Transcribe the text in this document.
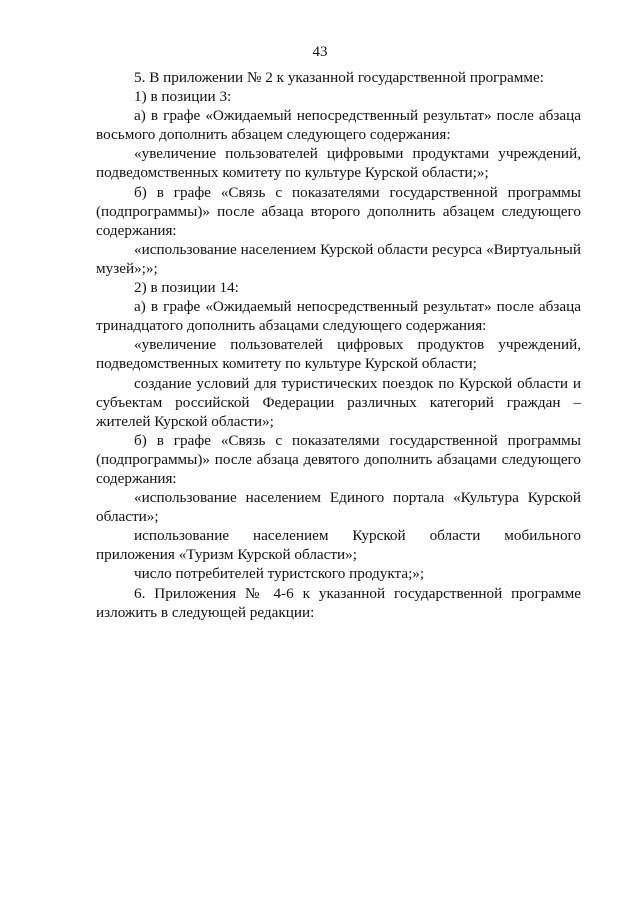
43

5. В приложении № 2 к указанной государственной программе:

1) в позиции 3:

а) в графе «Ожидаемый непосредственный результат» после абзаца восьмого дополнить абзацем следующего содержания:

«увеличение пользователей цифровыми продуктами учреждений, подведомственных комитету по культуре Курской области;»;

б) в графе «Связь с показателями государственной программы (подпрограммы)» после абзаца второго дополнить абзацем следующего содержания:

«использование населением Курской области ресурса «Виртуальный музей»;»;

2) в позиции 14:

а) в графе «Ожидаемый непосредственный результат» после абзаца тринадцатого дополнить абзацами следующего содержания:

«увеличение пользователей цифровых продуктов учреждений, подведомственных комитету по культуре Курской области;

создание условий для туристических поездок по Курской области и субъектам российской Федерации различных категорий граждан – жителей Курской области»;

б) в графе «Связь с показателями государственной программы (подпрограммы)» после абзаца девятого дополнить абзацами следующего содержания:

«использование населением Единого портала «Культура Курской области»;

использование населением Курской области мобильного приложения «Туризм Курской области»;

число потребителей туристского продукта;»;

6. Приложения № 4-6 к указанной государственной программе изложить в следующей редакции:
